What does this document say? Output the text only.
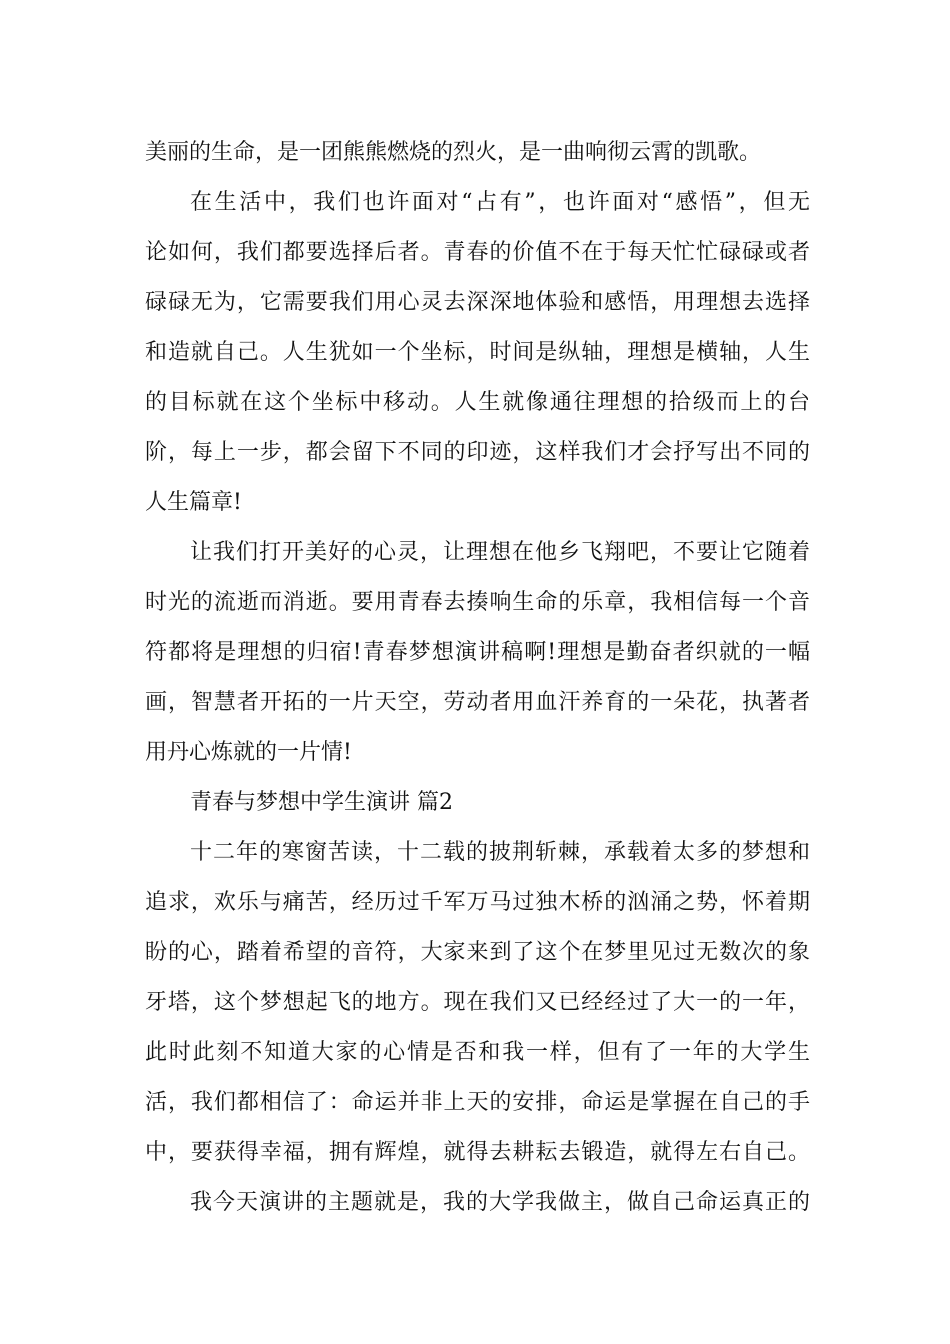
美丽的生命，是一团熊熊燃烧的烈火，是一曲响彻云霄的凯歌。
在生活中，我们也许面对“占有”，也许面对“感悟”，但无
论如何，我们都要选择后者。青春的价值不在于每天忙忙碌碌或者
碌碌无为，它需要我们用心灵去深深地体验和感悟，用理想去选择
和造就自己。人生犹如一个坐标，时间是纵轴，理想是横轴，人生
的目标就在这个坐标中移动。人生就像通往理想的拾级而上的台
阶，每上一步，都会留下不同的印迹，这样我们才会抒写出不同的
人生篇章!
让我们打开美好的心灵，让理想在他乡飞翔吧，不要让它随着
时光的流逝而消逝。要用青春去揍响生命的乐章，我相信每一个音
符都将是理想的归宿!青春梦想演讲稿啊!理想是勤奋者织就的一幅
画，智慧者开拓的一片天空，劳动者用血汗养育的一朵花，执著者
用丹心炼就的一片情!
青春与梦想中学生演讲 篇2
十二年的寒窗苦读，十二载的披荆斩棘，承载着太多的梦想和
追求，欢乐与痛苦，经历过千军万马过独木桥的汹涌之势，怀着期
盼的心，踏着希望的音符，大家来到了这个在梦里见过无数次的象
牙塔，这个梦想起飞的地方。现在我们又已经经过了大一的一年，
此时此刻不知道大家的心情是否和我一样，但有了一年的大学生
活，我们都相信了：命运并非上天的安排，命运是掌握在自己的手
中，要获得幸福，拥有辉煌，就得去耕耘去锻造，就得左右自己。
我今天演讲的主题就是，我的大学我做主，做自己命运真正的
